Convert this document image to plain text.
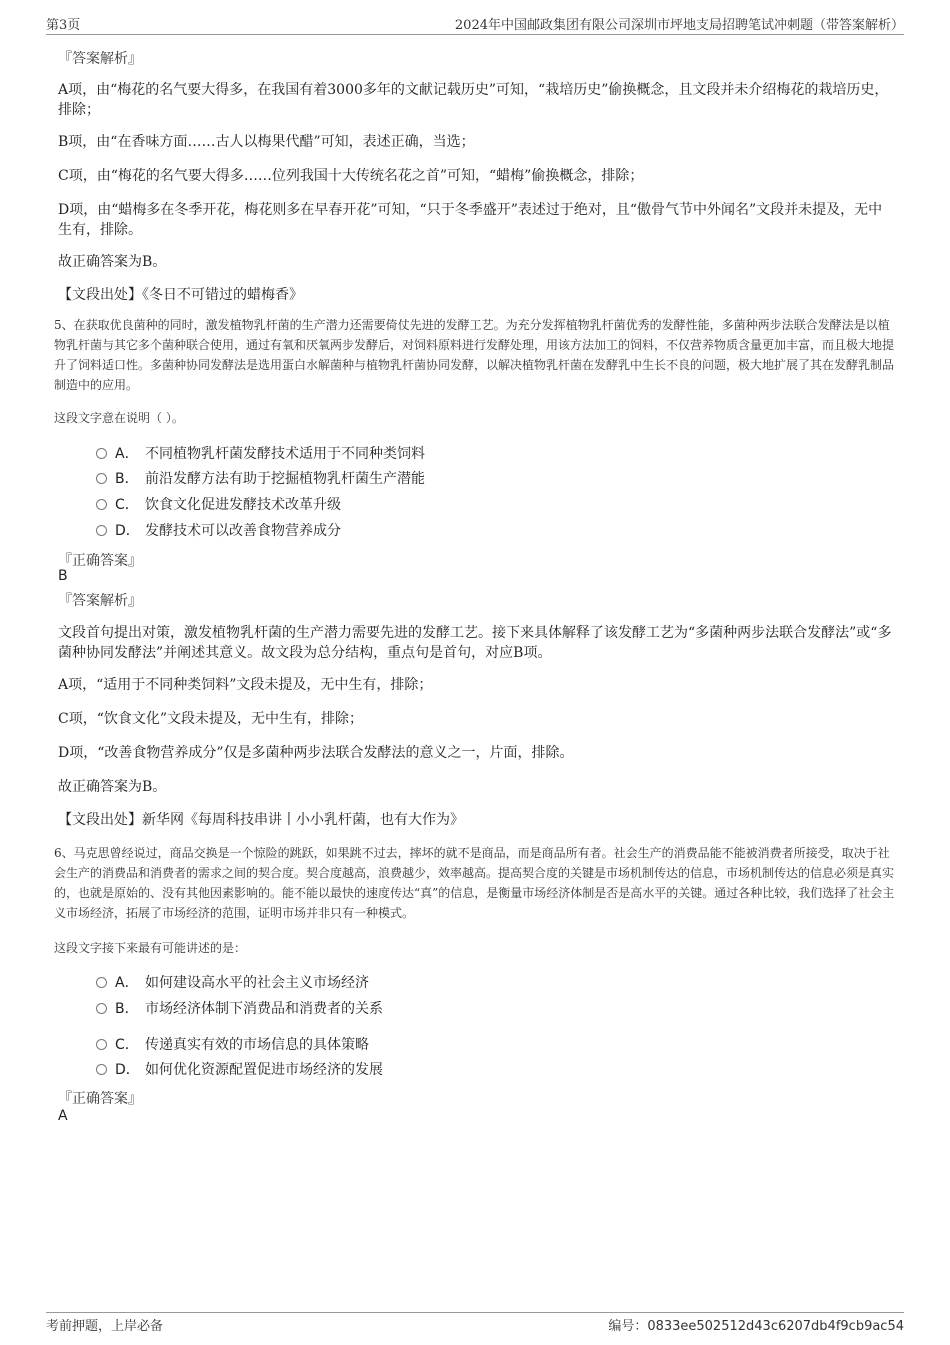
第3页	2024年中国邮政集团有限公司深圳市坪地支局招聘笔试冲刺题（带答案解析）
『答案解析』
A项，由“梅花的名气要大得多，在我国有着3000多年的文献记载历史”可知，“栽培历史”偷换概念，且文段并未介绍梅花的栽培历史，排除；
B项，由“在香味方面……古人以梅果代醋”可知，表述正确，当选；
C项，由“梅花的名气要大得多……位列我国十大传统名花之首”可知，“蜡梅”偷换概念，排除；
D项，由“蜡梅多在冬季开花，梅花则多在早春开花”可知，“只于冬季盛开”表述过于绝对，且“傲骨气节中外闻名”文段并未提及，无中生有，排除。
故正确答案为B。
【文段出处】《冬日不可错过的蜡梅香》
5、在获取优良菌种的同时，激发植物乳杆菌的生产潜力还需要倚仗先进的发酵工艺。为充分发挥植物乳杆菌优秀的发酵性能，多菌种两步法联合发酵法是以植物乳杆菌与其它多个菌种联合使用，通过有氧和厌氧两步发酵后，对饲料原料进行发酵处理，用该方法加工的饲料，不仅营养物质含量更加丰富，而且极大地提升了饲料适口性。多菌种协同发酵法是选用蛋白水解菌种与植物乳杆菌协同发酵，以解决植物乳杆菌在发酵乳中生长不良的问题，极大地扩展了其在发酵乳制品制造中的应用。
这段文字意在说明（ ）。
A． 不同植物乳杆菌发酵技术适用于不同种类饲料
B． 前沿发酵方法有助于挖掘植物乳杆菌生产潜能
C． 饮食文化促进发酵技术改革升级
D． 发酵技术可以改善食物营养成分
『正确答案』
B
『答案解析』
文段首句提出对策，激发植物乳杆菌的生产潜力需要先进的发酵工艺。接下来具体解释了该发酵工艺为“多菌种两步法联合发酵法”或“多菌种协同发酵法”并阐述其意义。故文段为总分结构，重点句是首句，对应B项。
A项，“适用于不同种类饲料”文段未提及，无中生有，排除；
C项，“饮食文化”文段未提及，无中生有，排除；
D项，“改善食物营养成分”仅是多菌种两步法联合发酵法的意义之一，片面，排除。
故正确答案为B。
【文段出处】新华网《每周科技串讲丨小小乳杆菌，也有大作为》
6、马克思曾经说过，商品交换是一个惊险的跳跃，如果跳不过去，摔坏的就不是商品，而是商品所有者。社会生产的消费品能不能被消费者所接受，取决于社会生产的消费品和消费者的需求之间的契合度。契合度越高，浪费越少，效率越高。提高契合度的关键是市场机制传达的信息，市场机制传达的信息必须是真实的，也就是原始的、没有其他因素影响的。能不能以最快的速度传达“真”的信息，是衡量市场经济体制是否是高水平的关键。通过各种比较，我们选择了社会主义市场经济，拓展了市场经济的范围，证明市场并非只有一种模式。
这段文字接下来最有可能讲述的是：
A． 如何建设高水平的社会主义市场经济
B． 市场经济体制下消费品和消费者的关系
C． 传递真实有效的市场信息的具体策略
D． 如何优化资源配置促进市场经济的发展
『正确答案』
A
考前押题，上岸必备	编号：0833ee502512d43c6207db4f9cb9ac54
